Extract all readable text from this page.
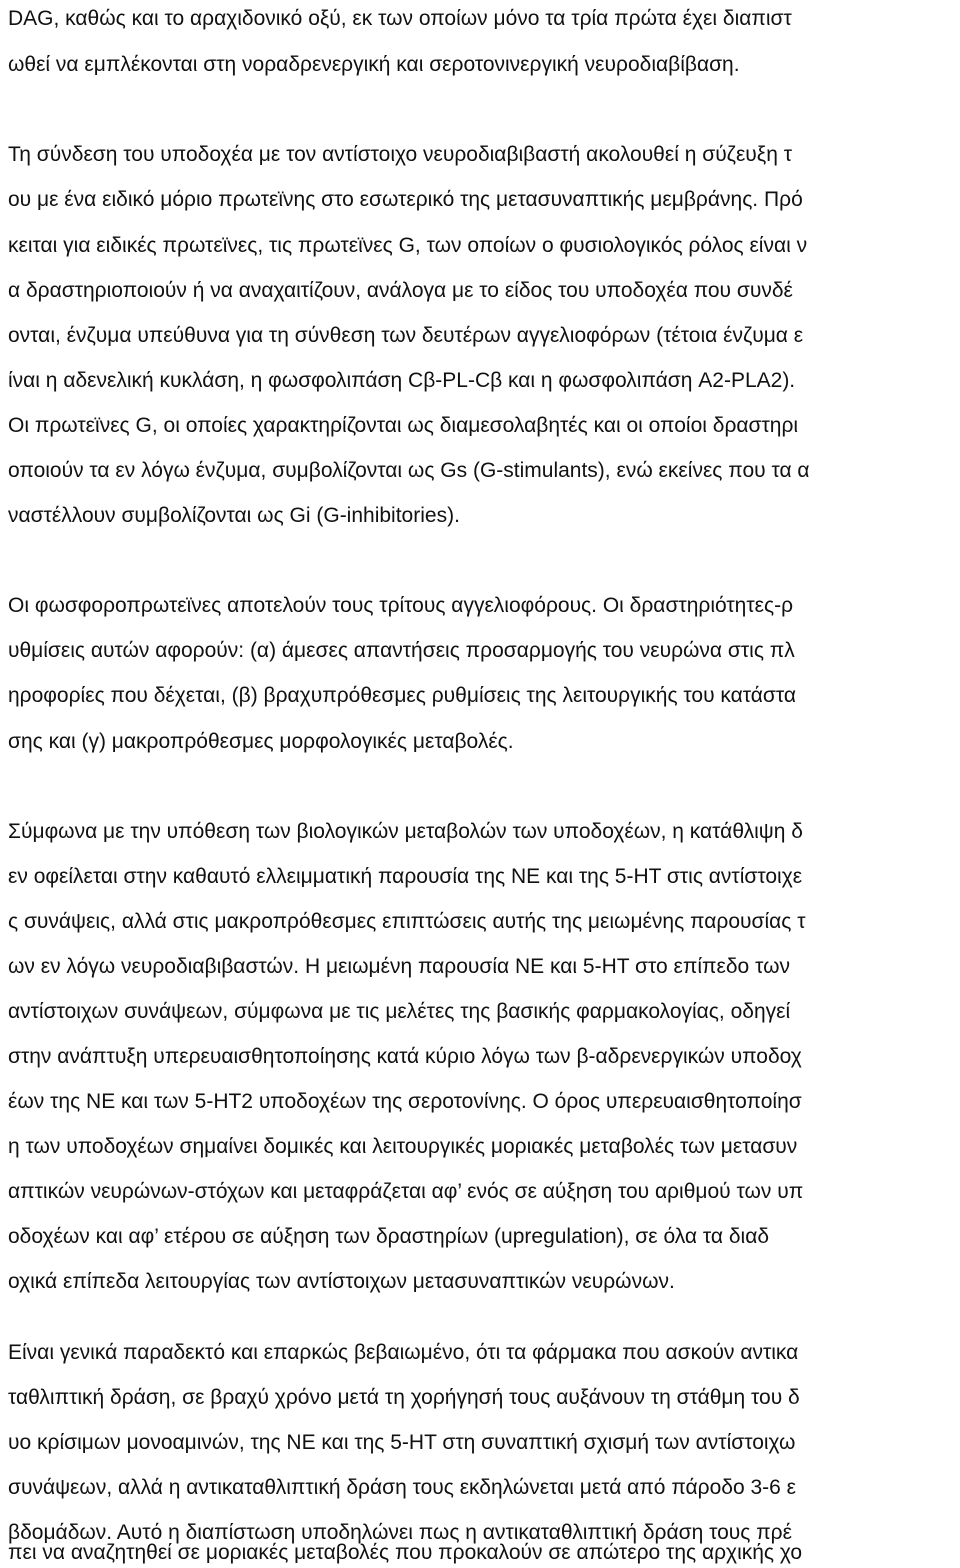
DAG, καθώς και το αραχιδονικό οξύ, εκ των οποίων μόνο τα τρία πρώτα έχει διαπιστ
ωθεί να εμπλέκονται στη νοραδρενεργική και σεροτονινεργική νευροδιαβίβαση.
Τη σύνδεση του υποδοχέα με τον αντίστοιχο νευροδιαβιβαστή ακολουθεί η σύζευξη τ
ου με ένα ειδικό μόριο πρωτεϊνης στο εσωτερικό της μετασυναπτικής μεμβράνης. Πρό
κειται για ειδικές πρωτεϊνες, τις πρωτεϊνες G, των οποίων ο φυσιολογικός ρόλος είναι ν
α δραστηριοποιούν ή να αναχαιτίζουν, ανάλογα με το είδος του υποδοχέα που συνδέ
ονται, ένζυμα υπεύθυνα για τη σύνθεση των δευτέρων αγγελιοφόρων (τέτοια ένζυμα ε
ίναι η αδενελική κυκλάση, η φωσφολιπάση Cβ-PL-Cβ και η φωσφολιπάση A2-PLA2).
Οι πρωτεϊνες G, οι οποίες χαρακτηρίζονται ως διαμεσολαβητές και οι οποίοι δραστηρι
οποιούν τα εν λόγω ένζυμα, συμβολίζονται ως Gs (G-stimulants), ενώ εκείνες που τα α
ναστέλλουν συμβολίζονται ως Gi (G-inhibitories).
Οι φωσφοροπρωτεϊνες αποτελούν τους τρίτους αγγελιοφόρους. Οι δραστηριότητες-ρ
υθμίσεις αυτών αφορούν: (α) άμεσες απαντήσεις προσαρμογής του νευρώνα στις πλ
ηροφορίες που δέχεται, (β) βραχυπρόθεσμες ρυθμίσεις της λειτουργικής του κατάστα
σης και (γ) μακροπρόθεσμες μορφολογικές μεταβολές.
Σύμφωνα με την υπόθεση των βιολογικών μεταβολών των υποδοχέων, η κατάθλιψη δ
εν οφείλεται στην καθαυτό ελλειμματική παρουσία της ΝΕ και της 5-ΗΤ στις αντίστοιχε
ς συνάψεις, αλλά στις μακροπρόθεσμες επιπτώσεις αυτής της μειωμένης παρουσίας τ
ων εν λόγω νευροδιαβιβαστών. Η μειωμένη παρουσία ΝΕ και 5-ΗΤ στο επίπεδο των
αντίστοιχων συνάψεων, σύμφωνα με τις μελέτες της βασικής φαρμακολογίας, οδηγεί
στην ανάπτυξη υπερευαισθητοποίησης κατά κύριο λόγω των β-αδρενεργικών υποδοχ
έων της ΝΕ και των 5-ΗΤ2 υποδοχέων της σεροτονίνης. Ο όρος υπερευαισθητοποίησ
η των υποδοχέων σημαίνει δομικές και λειτουργικές μοριακές μεταβολές των μετασυν
απτικών νευρώνων-στόχων και μεταφράζεται αφ’ ενός σε αύξηση του αριθμού των υπ
οδοχέων και αφ’ ετέρου σε αύξηση των δραστηρίων (upregulation), σε όλα τα διαδ
οχικά επίπεδα λειτουργίας των αντίστοιχων μετασυναπτικών νευρώνων.
Είναι γενικά παραδεκτό και επαρκώς βεβαιωμένο, ότι τα φάρμακα που ασκούν αντικα
ταθλιπτική δράση, σε βραχύ χρόνο μετά τη χορήγησή τους αυξάνουν τη στάθμη του δ
υο κρίσιμων μονοαμινών, της ΝΕ και της 5-ΗΤ στη συναπτική σχισμή των αντίστοιχω
συνάψεων, αλλά η αντικαταθλιπτική δράση τους εκδηλώνεται μετά από πάροδο 3-6 ε
βδομάδων. Αυτό η διαπίστωση υποδηλώνει πως η αντικαταθλιπτική δράση τους πρέ
πει να αναζητηθεί σε μοριακές μεταβολές που προκαλούν σε απώτερο της αρχικής χο
